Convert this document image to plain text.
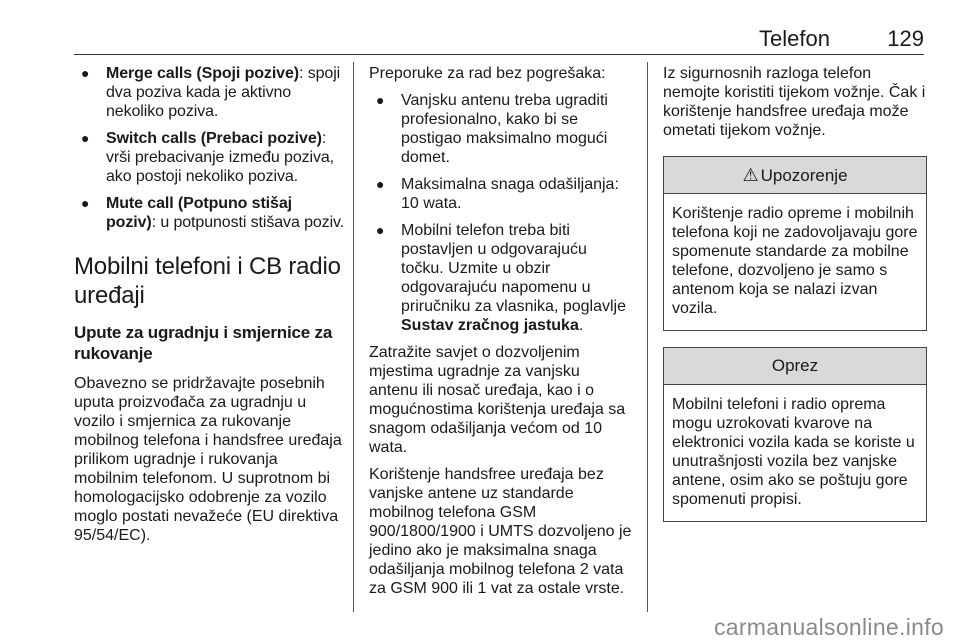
Telefon	129
● Merge calls (Spoji pozive): spoji dva poziva kada je aktivno nekoliko poziva.
● Switch calls (Prebaci pozive): vrši prebacivanje između poziva, ako postoji nekoliko poziva.
● Mute call (Potpuno stišaj poziv): u potpunosti stišava poziv.
Mobilni telefoni i CB radio uređaji
Upute za ugradnju i smjernice za rukovanje

Obavezno se pridržavajte posebnih uputa proizvođača za ugradnju u vozilo i smjernica za rukovanje mobilnog telefona i handsfree uređaja prilikom ugradnje i rukovanja mobilnim telefonom. U suprotnom bi homologacijsko odobrenje za vozilo moglo postati nevažeće (EU direktiva 95/54/EC).

Preporuke za rad bez pogrešaka:

● Vanjsku antenu treba ugraditi profesionalno, kako bi se postigao maksimalno mogući domet.
● Maksimalna snaga odašiljanja: 10 wata.
● Mobilni telefon treba biti postavljen u odgovarajuću točku. Uzmite u obzir odgovarajuću napomenu u priručniku za vlasnika, poglavlje Sustav zračnog jastuka.

Zatražite savjet o dozvoljenim mjestima ugradnje za vanjsku antenu ili nosač uređaja, kao i o mogućnostima korištenja uređaja sa snagom odašiljanja većom od 10 wata.

Korištenje handsfree uređaja bez vanjske antene uz standarde mobilnog telefona GSM 900/1800/1900 i UMTS dozvoljeno je jedino ako je maksimalna snaga odašiljanja mobilnog telefona 2 vata za GSM 900 ili 1 vat za ostale vrste.

Iz sigurnosnih razloga telefon nemojte koristiti tijekom vožnje. Čak i korištenje handsfree uređaja može ometati tijekom vožnje.

⚠ Upozorenje
Korištenje radio opreme i mobilnih telefona koji ne zadovoljavaju gore spomenute standarde za mobilne telefone, dozvoljeno je samo s antenom koja se nalazi izvan vozila.
Oprez
Mobilni telefoni i radio oprema mogu uzrokovati kvarove na elektronici vozila kada se koriste u unutrašnjosti vozila bez vanjske antene, osim ako se poštuju gore spomenuti propisi.
carmanualsonline.info
